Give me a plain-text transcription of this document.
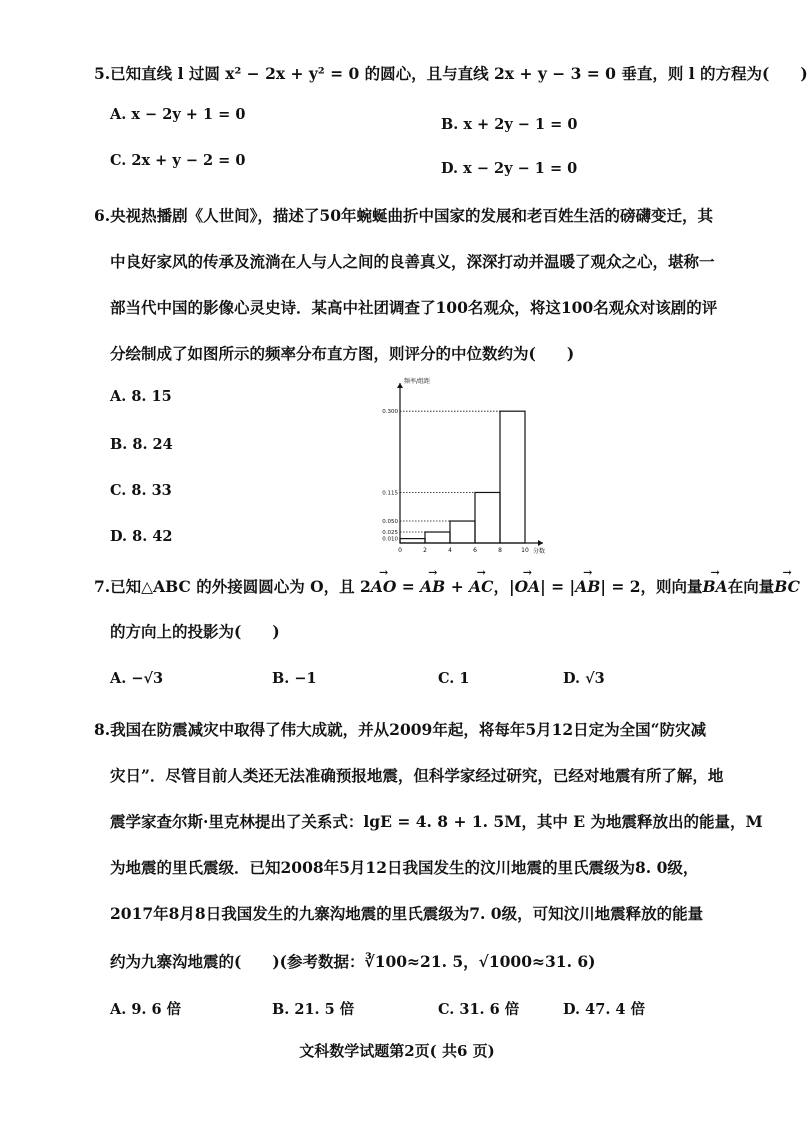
5.已知直线 l 过圆 x² − 2x + y² = 0 的圆心，且与直线 2x + y − 3 = 0 垂直，则 l 的方程为(　　)
A. x − 2y + 1 = 0
B. x + 2y − 1 = 0
C. 2x + y − 2 = 0	D. x − 2y − 1 = 0
6.央视热播剧《人世间》，描述了50年蜿蜒曲折中国家的发展和老百姓生活的磅礴变迁，其
中良好家风的传承及流淌在人与人之间的良善真义，深深打动并温暖了观众之心，堪称一
部当代中国的影像心灵史诗．某高中社团调查了100名观众，将这100名观众对该剧的评
分绘制成了如图所示的频率分布直方图，则评分的中位数约为(　　)
A. 8. 15
B. 8. 24
C. 8. 33
D. 8. 42
频率/组距
分数
0.300
0.115
0.050
0.025
0.010
0	2	4	6	8	10
7.已知△ABC 的外接圆圆心为 O，且 2→ AO = → AB + → AC，|→ OA| = |→ AB| = 2，则向量→ BA在向量→ BC
的方向上的投影为(　　)
A. −√3	B. −1	C. 1	D. √3
8.我国在防震减灾中取得了伟大成就，并从2009年起，将每年5月12日定为全国“防灾减
灾日”．尽管目前人类还无法准确预报地震，但科学家经过研究，已经对地震有所了解，地
震学家查尔斯·里克林提出了关系式：lgE = 4. 8 + 1. 5M，其中 E 为地震释放出的能量，M
为地震的里氏震级．已知2008年5月12日我国发生的汶川地震的里氏震级为8. 0级，
2017年8月8日我国发生的九寨沟地震的里氏震级为7. 0级，可知汶川地震释放的能量
约为九寨沟地震的(　　)(参考数据：∛100≈21. 5，√1000≈31. 6)
A. 9. 6 倍	B. 21. 5 倍	C. 31. 6 倍	D. 47. 4 倍
文科数学试题第2页( 共6 页)
